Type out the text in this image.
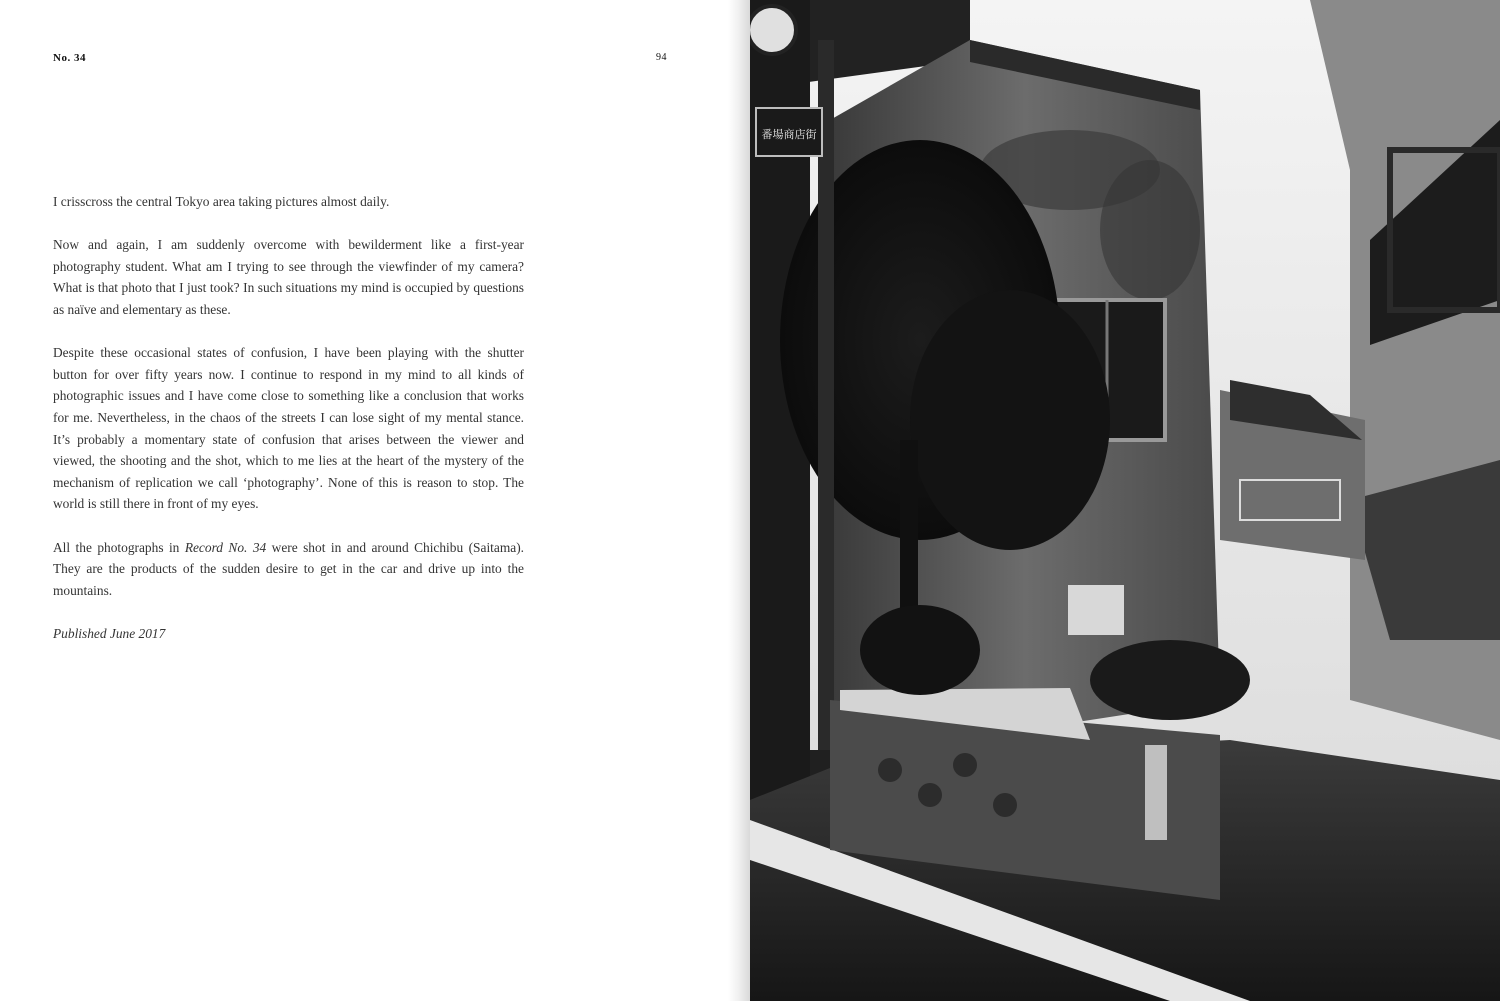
No. 34	94

I crisscross the central Tokyo area taking pictures almost daily.

Now and again, I am suddenly overcome with bewilderment like a first-year photography student. What am I trying to see through the viewfinder of my camera? What is that photo that I just took? In such situations my mind is occupied by questions as naïve and elementary as these.

Despite these occasional states of confusion, I have been playing with the shutter button for over fifty years now. I continue to respond in my mind to all kinds of photographic issues and I have come close to something like a conclusion that works for me. Nevertheless, in the chaos of the streets I can lose sight of my mental stance. It’s probably a momentary state of confusion that arises between the viewer and viewed, the shooting and the shot, which to me lies at the heart of the mystery of the mechanism of replication we call ‘photography’. None of this is reason to stop. The world is still there in front of my eyes.

All the photographs in Record No. 34 were shot in and around Chichibu (Saitama). They are the products of the sudden desire to get in the car and drive up into the mountains.

Published June 2017

番場商店街
